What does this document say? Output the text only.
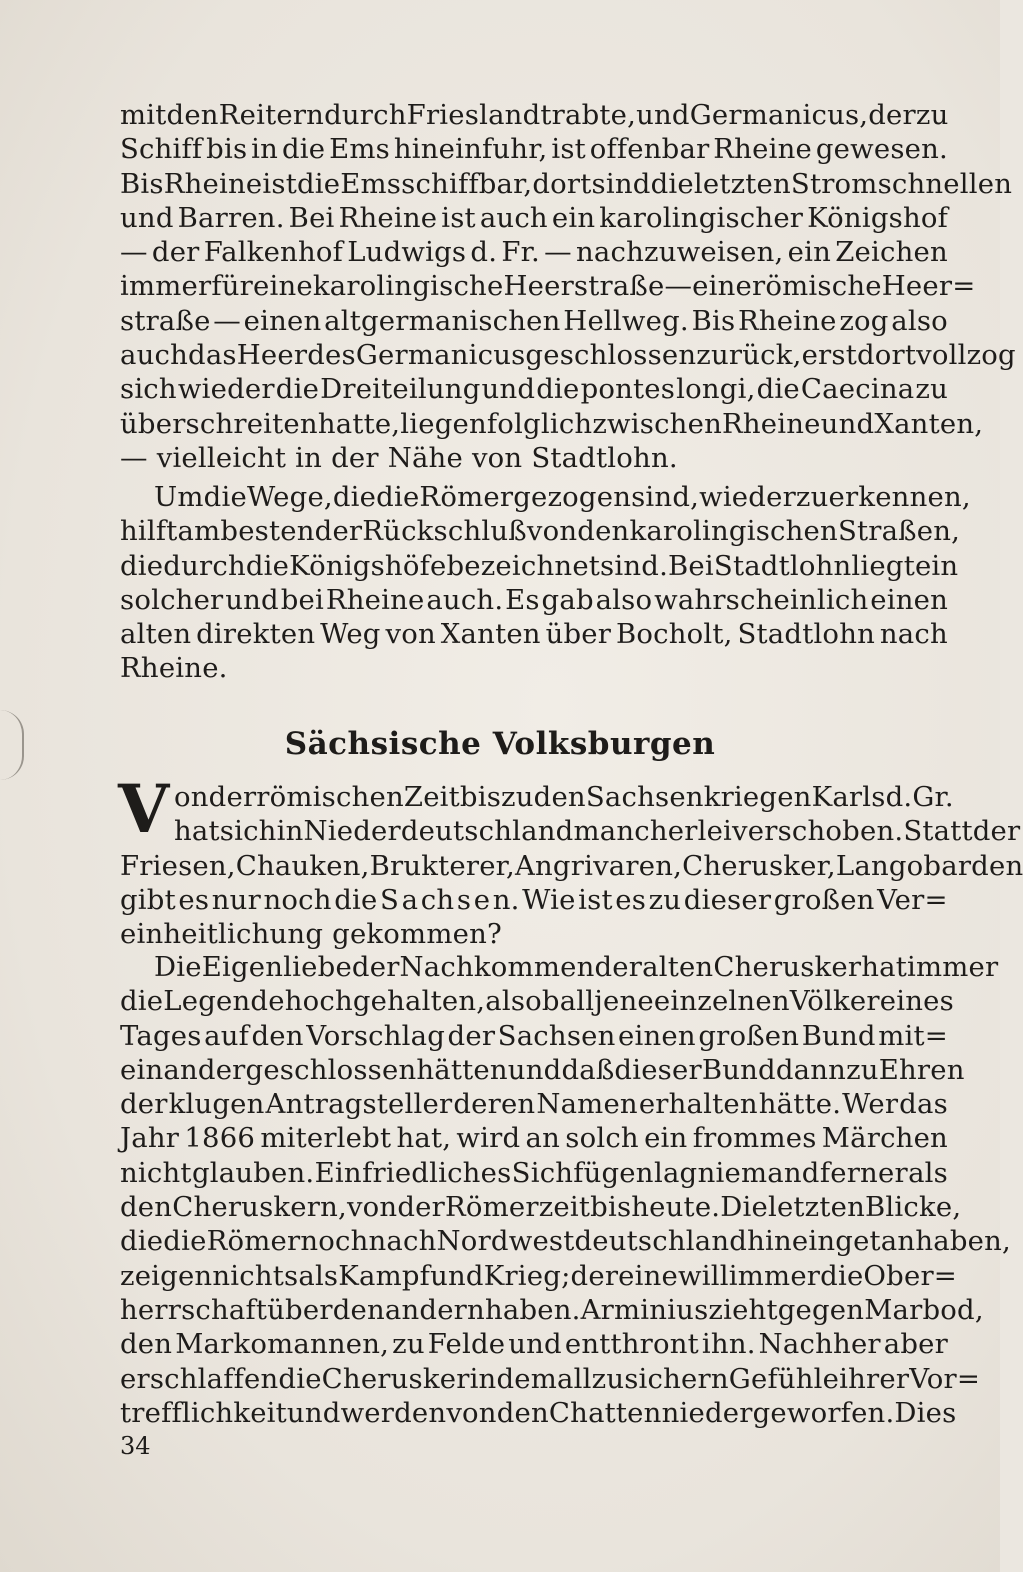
mit den Reitern durch Friesland trabte, und Germanicus, der zu
Schiff bis in die Ems hineinfuhr, ist offenbar Rheine gewesen.
Bis Rheine ist die Ems schiffbar, dort sind die letzten Stromschnellen
und Barren. Bei Rheine ist auch ein karolingischer Königshof
— der Falkenhof Ludwigs d. Fr. — nachzuweisen, ein Zeichen
immer für eine karolingische Heerstraße — eine römische Heer=
straße — einen altgermanischen Hellweg. Bis Rheine zog also
auch das Heer des Germanicus geschlossen zurück, erst dort vollzog
sich wieder die Dreiteilung und die pontes longi, die Caecina zu
überschreiten hatte, liegen folglich zwischen Rheine und Xanten,
— vielleicht in der Nähe von Stadtlohn.
Um die Wege, die die Römer gezogen sind, wiederzuerkennen,
hilft am besten der Rückschluß von den karolingischen Straßen,
die durch die Königshöfe bezeichnet sind. Bei Stadtlohn liegt ein
solcher und bei Rheine auch. Es gab also wahrscheinlich einen
alten direkten Weg von Xanten über Bocholt, Stadtlohn nach
Rheine.
Sächsische Volksburgen
V on der römischen Zeit bis zu den Sachsenkriegen Karls d. Gr.
hat sich in Niederdeutschland mancherlei verschoben. Statt der
Friesen, Chauken, Brukterer, Angrivaren, Cherusker, Langobarden
gibt es nur noch die S a ch s e n. Wie ist es zu dieser großen Ver=
einheitlichung gekommen?
Die Eigenliebe der Nachkommen der alten Cherusker hat immer
die Legende hochgehalten, als ob all jene einzelnen Völker eines
Tages auf den Vorschlag der Sachsen einen großen Bund mit=
einander geschlossen hätten und daß dieser Bund dann zu Ehren
der klugen Antragsteller deren Namen erhalten hätte. Wer das
Jahr 1866 miterlebt hat, wird an solch ein frommes Märchen
nicht glauben. Ein friedliches Sichfügen lag niemand ferner als
den Cheruskern, von der Römerzeit bis heute. Die letzten Blicke,
die die Römer noch nach Nordwestdeutschland hinein getan haben,
zeigen nichts als Kampf und Krieg; der eine will immer die Ober=
herrschaft über den andern haben. Arminius zieht gegen Marbod,
den Markomannen, zu Felde und entthront ihn. Nachher aber
erschlaffen die Cherusker in dem allzu sichern Gefühle ihrer Vor=
trefflichkeit und werden von den Chatten niedergeworfen. Dies
34
